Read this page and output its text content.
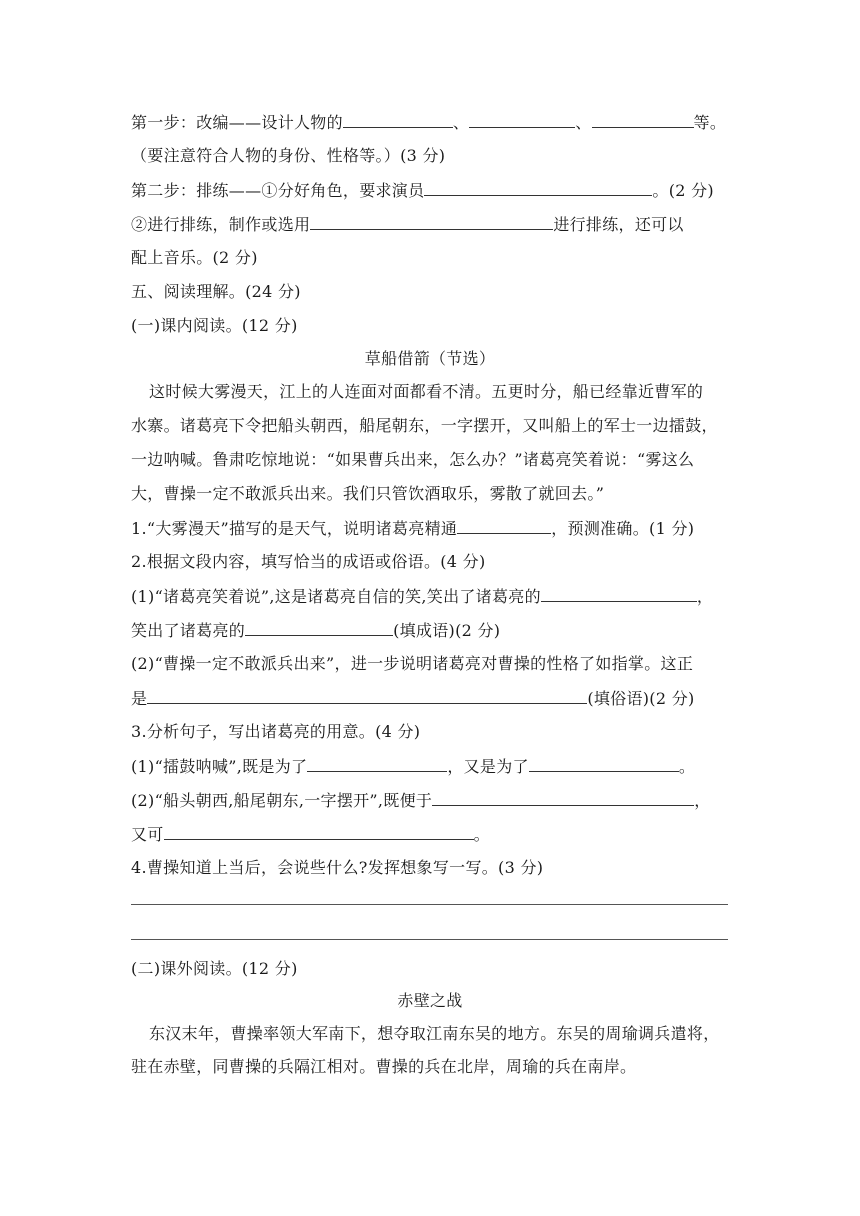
第一步：改编——设计人物的	、	、	等。
（要注意符合人物的身份、性格等。）(3 分)
第二步：排练——①分好角色，要求演员	。(2 分)
②进行排练，制作或选用	进行排练，还可以
配上音乐。(2 分)
五、阅读理解。(24 分)
(一)课内阅读。(12 分)
草船借箭（节选）
这时候大雾漫天，江上的人连面对面都看不清。五更时分，船已经靠近曹军的
水寨。诸葛亮下令把船头朝西，船尾朝东，一字摆开，又叫船上的军士一边擂鼓，
一边呐喊。鲁肃吃惊地说：“如果曹兵出来，怎么办？”诸葛亮笑着说：“雾这么
大，曹操一定不敢派兵出来。我们只管饮酒取乐，雾散了就回去。”
1.“大雾漫天”描写的是天气，说明诸葛亮精通	，预测准确。(1 分)
2.根据文段内容，填写恰当的成语或俗语。(4 分)
(1)“诸葛亮笑着说”,这是诸葛亮自信的笑,笑出了诸葛亮的	，
笑出了诸葛亮的	(填成语)(2 分)
(2)“曹操一定不敢派兵出来”，进一步说明诸葛亮对曹操的性格了如指掌。这正
是	(填俗语)(2 分)
3.分析句子，写出诸葛亮的用意。(4 分)
(1)“擂鼓呐喊”,既是为了	，又是为了	。
(2)“船头朝西,船尾朝东,一字摆开”,既便于	，
又可	。
4.曹操知道上当后，会说些什么?发挥想象写一写。(3 分)
(二)课外阅读。(12 分)
赤壁之战
东汉末年，曹操率领大军南下，想夺取江南东吴的地方。东吴的周瑜调兵遣将，
驻在赤壁，同曹操的兵隔江相对。曹操的兵在北岸，周瑜的兵在南岸。
